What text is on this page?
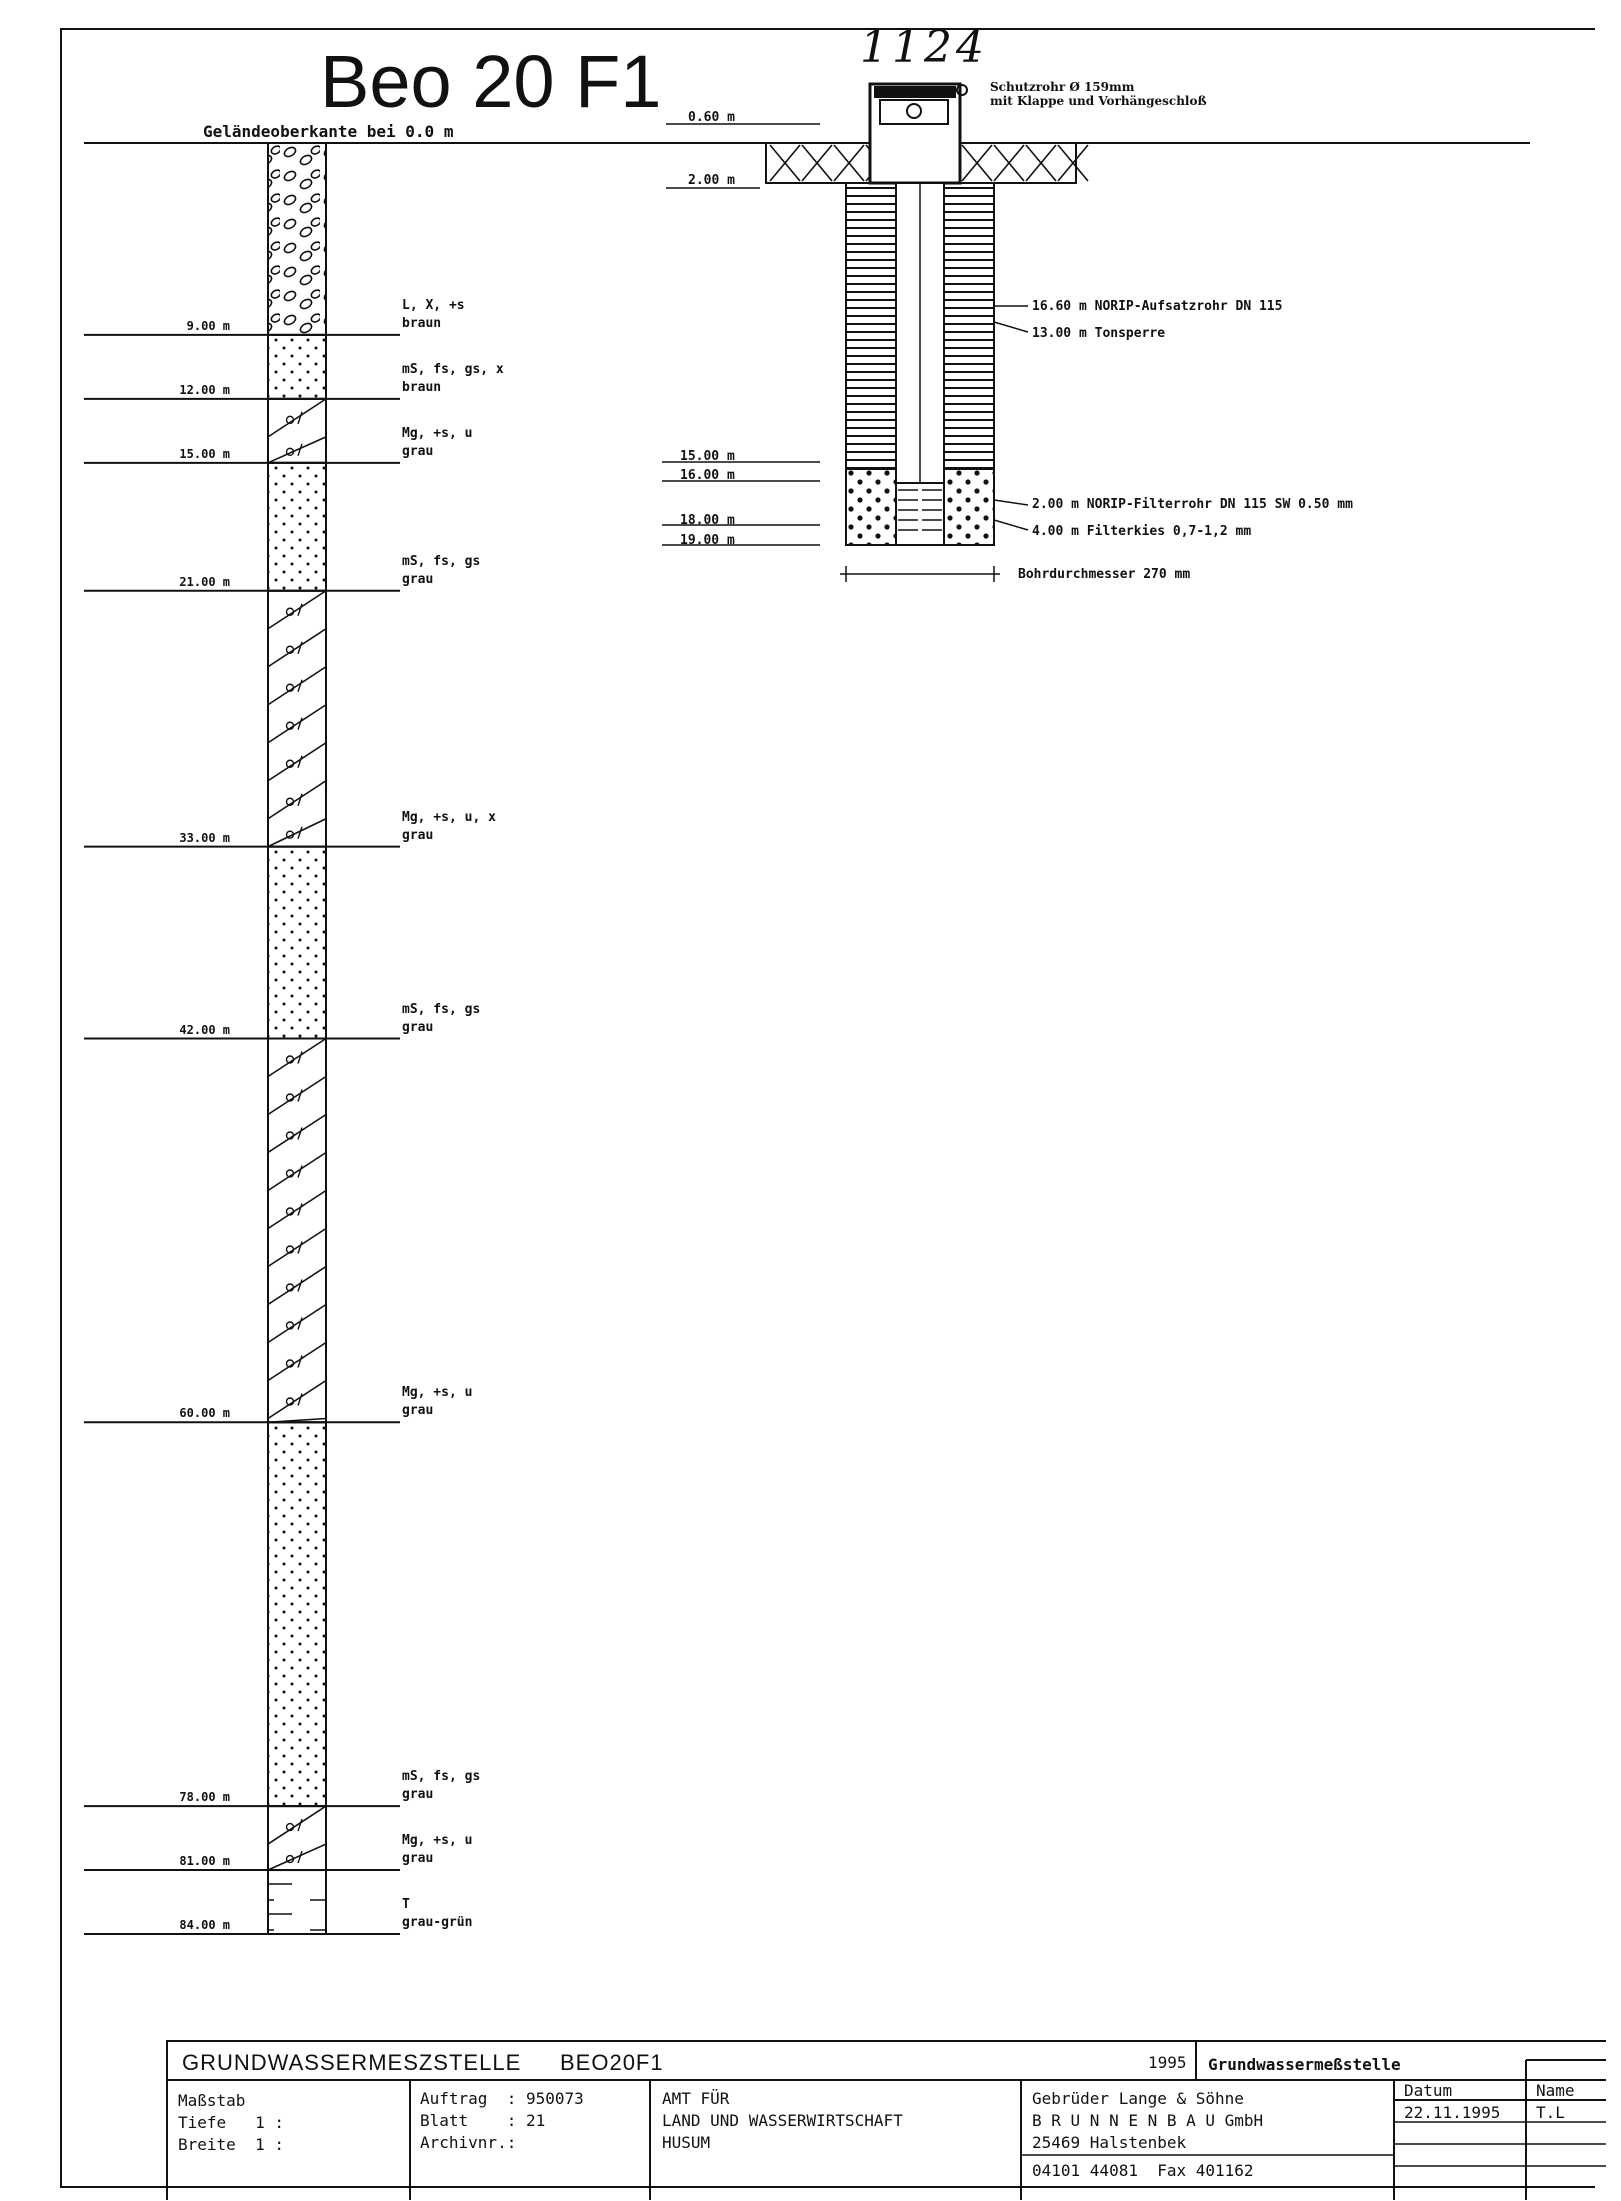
1124
Beo 20 F1
Geländeoberkante bei 0.0 m
9.00 m
L, X, +s
braun
12.00 m
mS, fs, gs, x
braun
15.00 m
Mg, +s, u
grau
21.00 m
mS, fs, gs
grau
33.00 m
Mg, +s, u, x
grau
42.00 m
mS, fs, gs
grau
60.00 m
Mg, +s, u
grau
78.00 m
mS, fs, gs
grau
81.00 m
Mg, +s, u
grau
84.00 m
T
grau-grün
Schutzrohr Ø 159mm
mit Klappe und Vorhängeschloß
0.60 m
2.00 m
15.00 m
16.00 m
18.00 m
19.00 m
16.60 m NORIP-Aufsatzrohr DN 115
13.00 m Tonsperre
2.00 m NORIP-Filterrohr DN 115 SW 0.50 mm
4.00 m Filterkies 0,7-1,2 mm
Bohrdurchmesser 270 mm
GRUNDWASSERMESZSTELLE BEO20F1	1995 Grundwassermeßstelle
Maßstab
Tiefe   1 :
Breite  1 :
Auftrag  : 950073
Blatt    : 21
Archivnr.:
AMT FÜR
LAND UND WASSERWIRTSCHAFT
HUSUM
Gebrüder Lange & Söhne
B R U N N E N B A U GmbH
25469 Halstenbek
04101 44081  Fax 401162
Datum	Name
22.11.1995 T.L
